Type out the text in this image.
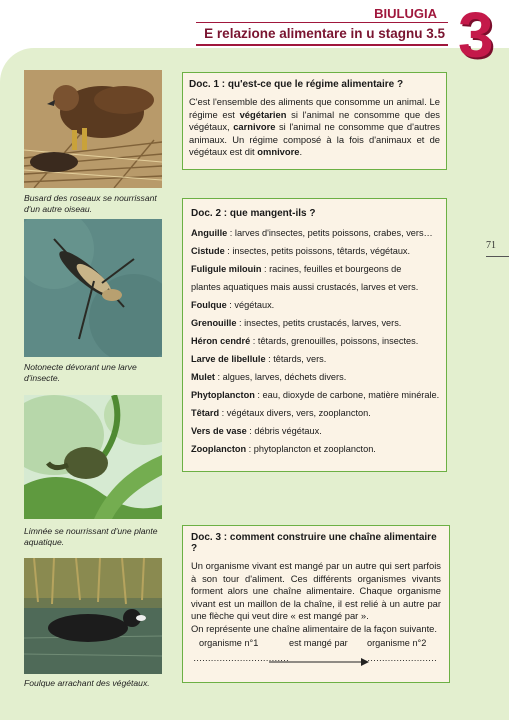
BIULUGIA
E relazione alimentare in u stagnu 3.5 3
71
Busard des roseaux se nourrissant d'un autre oiseau.
Notonecte dévorant une larve d'insecte.
Limnée se nourrissant d'une plante aquatique.
Foulque arrachant des végétaux.
Doc. 1 : qu'est-ce que le régime alimentaire ?

C'est l'ensemble des aliments que consomme un animal. Le régime est végétarien si l'animal ne consomme que des végétaux, carnivore si l'animal ne consomme que d'autres animaux. Un régime composé à la fois d'animaux et de végétaux est dit omnivore.

Doc. 2 : que mangent-ils ?
Anguille : larves d'insectes, petits poissons, crabes, vers…
Cistude : insectes, petits poissons, têtards, végétaux.
Fuligule milouin : racines, feuilles et bourgeons de
plantes aquatiques mais aussi crustacés, larves et vers.
Foulque : végétaux.
Grenouille : insectes, petits crustacés, larves, vers.
Héron cendré : têtards, grenouilles, poissons, insectes.
Larve de libellule : têtards, vers.
Mulet : algues, larves, déchets divers.
Phytoplancton : eau, dioxyde de carbone, matière minérale.
Têtard : végétaux divers, vers, zooplancton.
Vers de vase : débris végétaux.
Zooplancton : phytoplancton et zooplancton.
Doc. 3 : comment construire une chaîne alimentaire ?

Un organisme vivant est mangé par un autre qui sert parfois à son tour d'aliment. Ces différents organismes vivants forment alors une chaîne alimentaire. Chaque organisme vivant est un maillon de la chaîne, il est relié à un autre par une flèche qui veut dire « est mangé par ».

On représente une chaîne alimentaire de la façon suivante.

organisme n°1	est mangé par organisme n°2
……………………………	……………………
